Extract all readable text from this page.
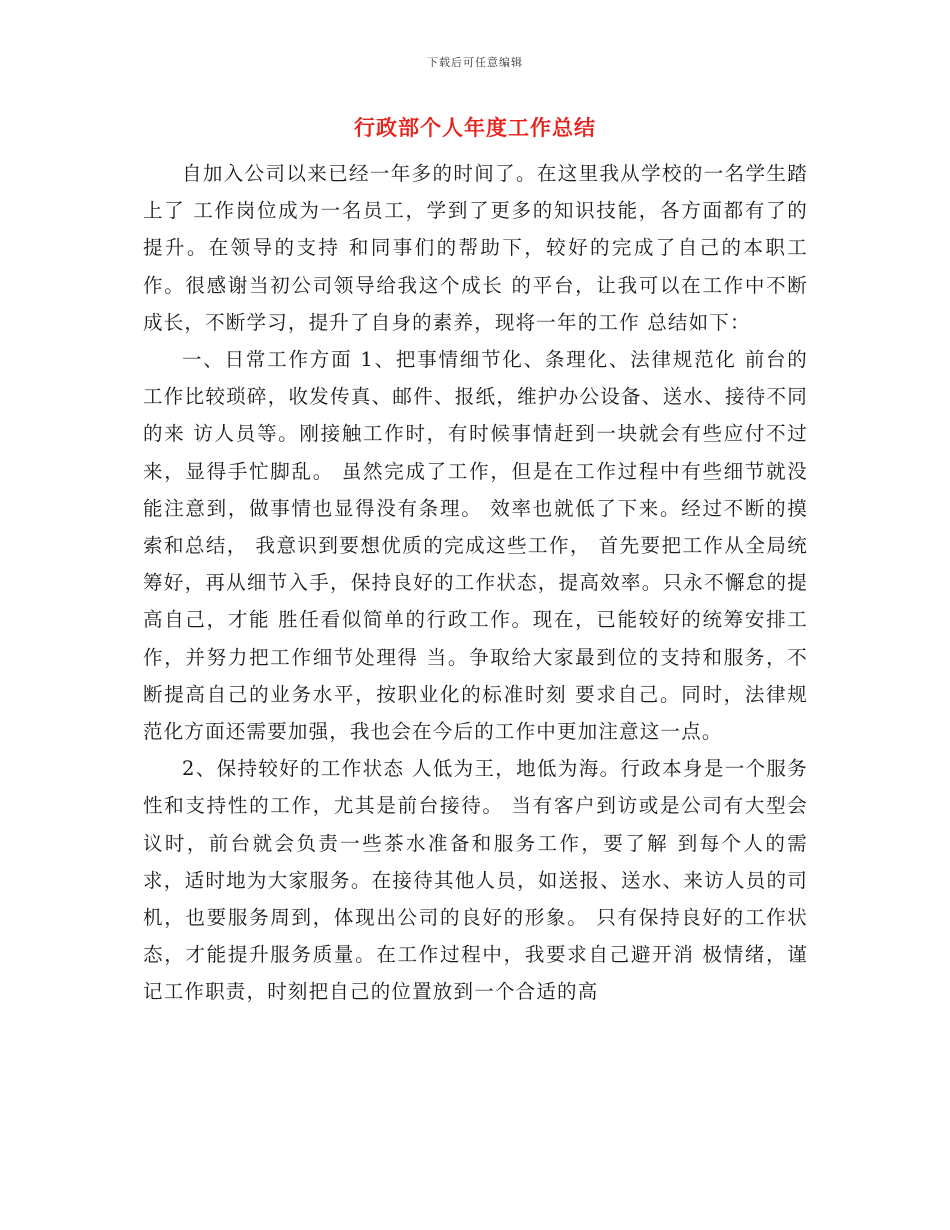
下载后可任意编辑
行政部个人年度工作总结

自加入公司以来已经一年多的时间了。在这里我从学校的一名学生踏上了 工作岗位成为一名员工，学到了更多的知识技能，各方面都有了的提升。在领导的支持 和同事们的帮助下，较好的完成了自己的本职工作。很感谢当初公司领导给我这个成长 的平台，让我可以在工作中不断成长，不断学习，提升了自身的素养，现将一年的工作 总结如下：

一、日常工作方面 1、把事情细节化、条理化、法律规范化 前台的工作比较琐碎，收发传真、邮件、报纸，维护办公设备、送水、接待不同的来 访人员等。刚接触工作时，有时候事情赶到一块就会有些应付不过来，显得手忙脚乱。 虽然完成了工作，但是在工作过程中有些细节就没能注意到，做事情也显得没有条理。 效率也就低了下来。经过不断的摸索和总结， 我意识到要想优质的完成这些工作， 首先要把工作从全局统 筹好，再从细节入手，保持良好的工作状态，提高效率。只永不懈怠的提高自己，才能 胜任看似简单的行政工作。现在，已能较好的统筹安排工作，并努力把工作细节处理得 当。争取给大家最到位的支持和服务，不断提高自己的业务水平，按职业化的标准时刻 要求自己。同时，法律规范化方面还需要加强，我也会在今后的工作中更加注意这一点。

2、保持较好的工作状态 人低为王，地低为海。行政本身是一个服务性和支持性的工作，尤其是前台接待。 当有客户到访或是公司有大型会议时，前台就会负责一些茶水准备和服务工作，要了解 到每个人的需求，适时地为大家服务。在接待其他人员，如送报、送水、来访人员的司 机，也要服务周到，体现出公司的良好的形象。 只有保持良好的工作状态，才能提升服务质量。在工作过程中，我要求自己避开消 极情绪，谨记工作职责，时刻把自己的位置放到一个合适的高
